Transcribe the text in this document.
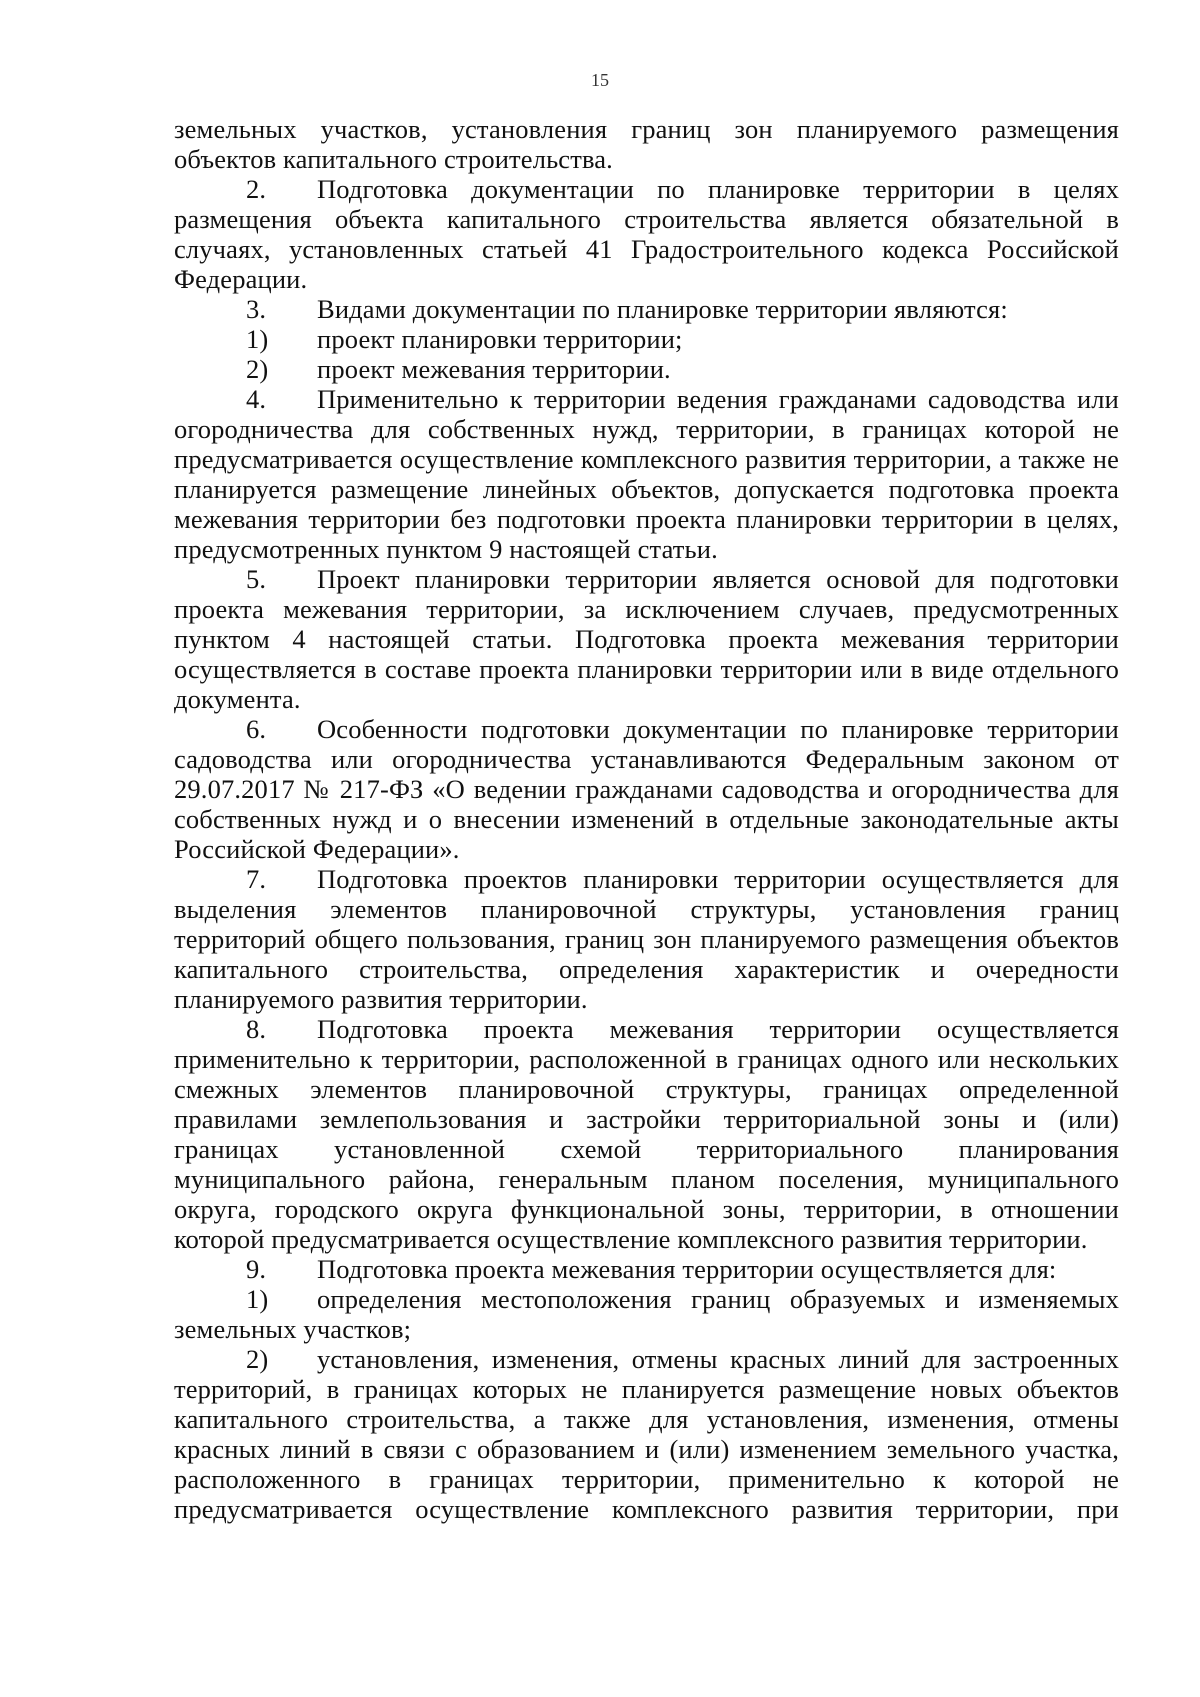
15

земельных участков, установления границ зон планируемого размещения объектов капитального строительства.

2. Подготовка документации по планировке территории в целях размещения объекта капитального строительства является обязательной в случаях, установленных статьей 41 Градостроительного кодекса Российской Федерации.

3. Видами документации по планировке территории являются:

1) проект планировки территории;

2) проект межевания территории.

4. Применительно к территории ведения гражданами садоводства или огородничества для собственных нужд, территории, в границах которой не предусматривается осуществление комплексного развития территории, а также не планируется размещение линейных объектов, допускается подготовка проекта межевания территории без подготовки проекта планировки территории в целях, предусмотренных пунктом 9 настоящей статьи.

5. Проект планировки территории является основой для подготовки проекта межевания территории, за исключением случаев, предусмотренных пунктом 4 настоящей статьи. Подготовка проекта межевания территории осуществляется в составе проекта планировки территории или в виде отдельного документа.

6. Особенности подготовки документации по планировке территории садоводства или огородничества устанавливаются Федеральным законом от 29.07.2017 № 217-ФЗ «О ведении гражданами садоводства и огородничества для собственных нужд и о внесении изменений в отдельные законодательные акты Российской Федерации».

7. Подготовка проектов планировки территории осуществляется для выделения элементов планировочной структуры, установления границ территорий общего пользования, границ зон планируемого размещения объектов капитального строительства, определения характеристик и очередности планируемого развития территории.

8. Подготовка проекта межевания территории осуществляется применительно к территории, расположенной в границах одного или нескольких смежных элементов планировочной структуры, границах определенной правилами землепользования и застройки территориальной зоны и (или) границах установленной схемой территориального планирования муниципального района, генеральным планом поселения, муниципального округа, городского округа функциональной зоны, территории, в отношении которой предусматривается осуществление комплексного развития территории.

9. Подготовка проекта межевания территории осуществляется для:

1) определения местоположения границ образуемых и изменяемых земельных участков;

2) установления, изменения, отмены красных линий для застроенных территорий, в границах которых не планируется размещение новых объектов капитального строительства, а также для установления, изменения, отмены красных линий в связи с образованием и (или) изменением земельного участка, расположенного в границах территории, применительно к которой не предусматривается осуществление комплексного развития территории, при
